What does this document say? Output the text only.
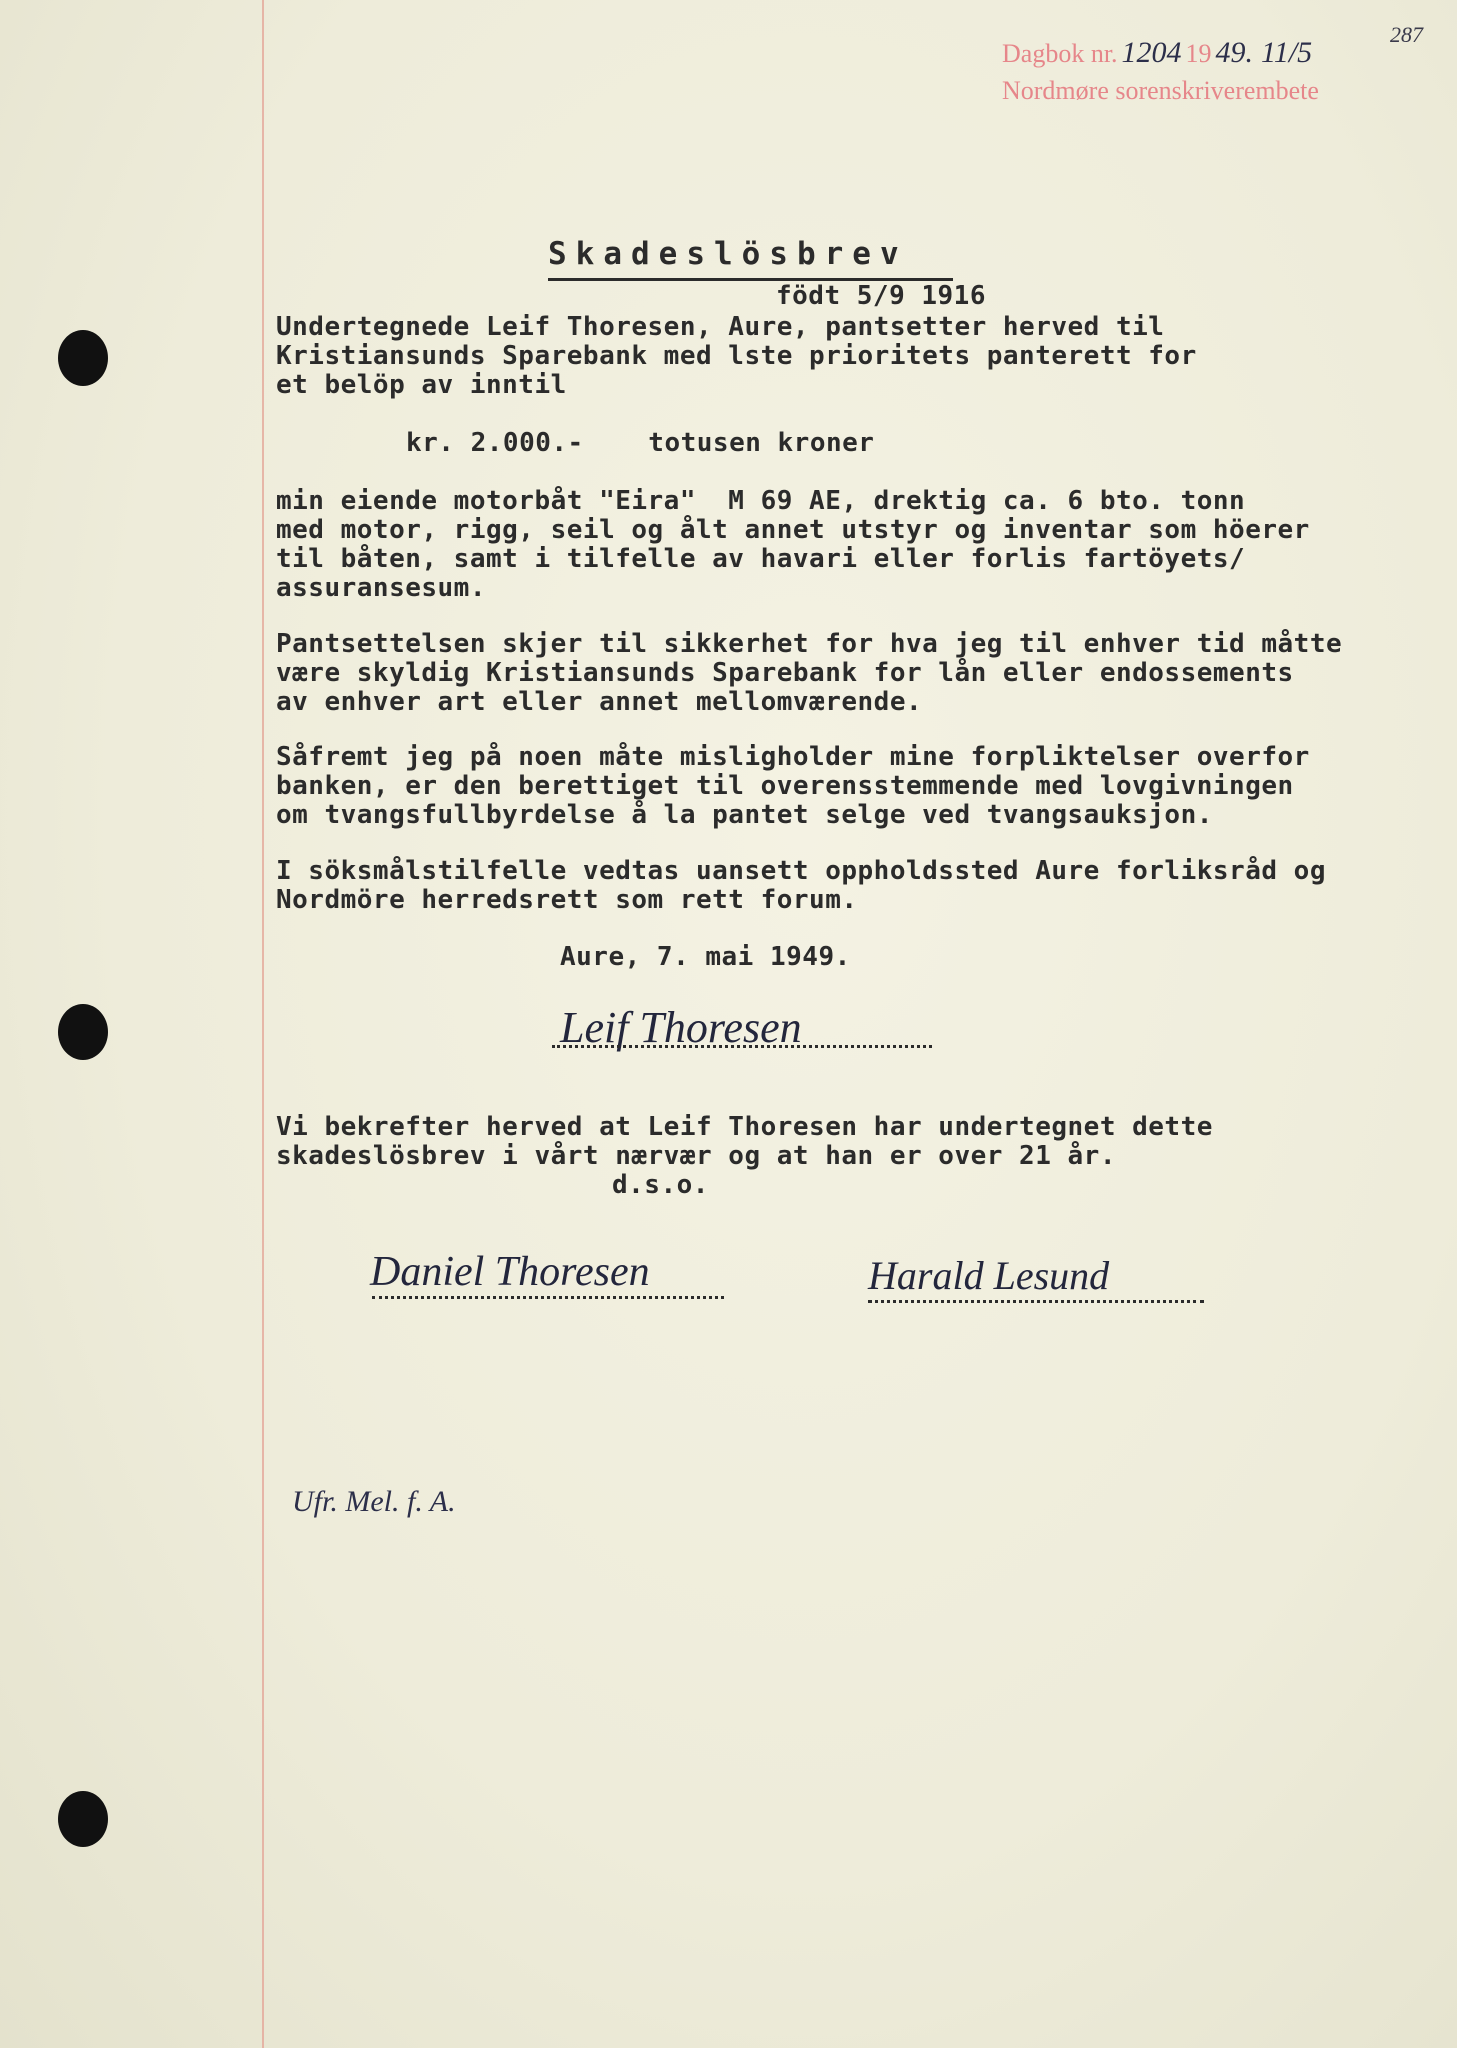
Dagbok nr. 1204 19 49. 11/5
Nordmøre sorenskriverembete
287
Skadeslösbrev
födt 5/9 1916
Undertegnede Leif Thoresen, Aure, pantsetter herved til
Kristiansunds Sparebank med lste prioritets panterett for
et belöp av inntil
kr. 2.000.-    totusen kroner
min eiende motorbåt "Eira"  M 69 AE, drektig ca. 6 bto. tonn
med motor, rigg, seil og ålt annet utstyr og inventar som höerer
til båten, samt i tilfelle av havari eller forlis fartöyets/
assuransesum.
Pantsettelsen skjer til sikkerhet for hva jeg til enhver tid måtte
være skyldig Kristiansunds Sparebank for lån eller endossements
av enhver art eller annet mellomværende.
Såfremt jeg på noen måte misligholder mine forpliktelser overfor
banken, er den berettiget til overensstemmende med lovgivningen
om tvangsfullbyrdelse å la pantet selge ved tvangsauksjon.
I söksmålstilfelle vedtas uansett oppholdssted Aure forliksråd og
Nordmöre herredsrett som rett forum.
Aure, 7. mai 1949.
Leif Thoresen
Vi bekrefter herved at Leif Thoresen har undertegnet dette
skadeslösbrev i vårt nærvær og at han er over 21 år.
d.s.o.
Daniel Thoresen	Harald Lesund
Ufr. Mel. f. A.
